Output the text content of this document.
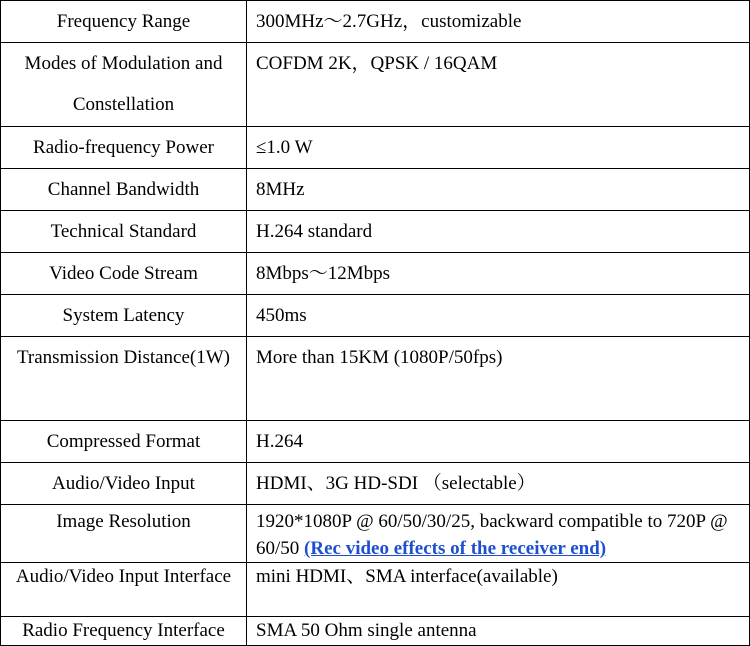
Frequency Range	300MHz～2.7GHz，customizable
Modes of Modulation and Constellation	COFDM 2K，QPSK / 16QAM
Radio-frequency Power	≤1.0 W
Channel Bandwidth	8MHz
Technical Standard	H.264 standard
Video Code Stream	8Mbps～12Mbps
System Latency	450ms
Transmission Distance(1W)	More than 15KM (1080P/50fps)
Compressed Format	H.264
Audio/Video Input	HDMI、3G HD-SDI （selectable）
Image Resolution	1920*1080P @ 60/50/30/25, backward compatible to 720P @ 60/50 (Rec video effects of the receiver end)
Audio/Video Input Interface	mini HDMI、SMA interface(available)
Radio Frequency Interface	SMA 50 Ohm single antenna
